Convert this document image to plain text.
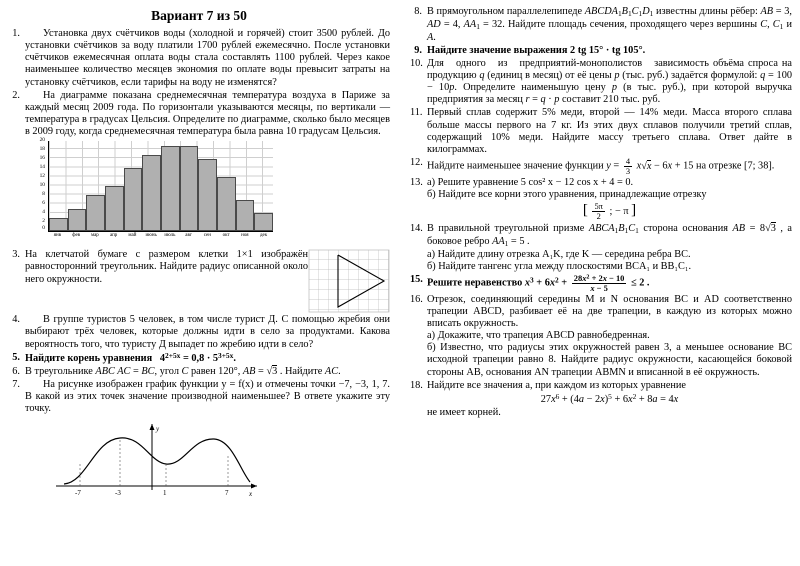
Вариант 7 из 50
1.	Установка двух счётчиков воды (холодной и горячей) стоит 3500 рублей. До установки счётчиков за воду платили 1700 рублей ежемесячно. После установки счётчиков ежемесячная оплата воды стала составлять 1100 рублей. Через какое наименьшее количество месяцев экономия по оплате воды превысит затраты на установку счётчиков, если тарифы на воду не изменятся?
2.	На диаграмме показана среднемесячная температура воздуха в Париже за каждый месяц 2009 года. По горизонтали указываются месяцы, по вертикали — температура в градусах Цельсия. Определите по диаграмме, сколько было месяцев в 2009 году, когда среднемесячная температура была равна 10 градусам Цельсия.
20
18
16
14
12
10
8
6
4
2
0
янв	фев	мар	апр	май	июнь	июль	авг	сен	окт	ноя	дек
3. На клетчатой бумаге с размером клетки 1×1 изображён равносторонний треугольник. Найдите радиус описанной около него окружности.
4.	В группе туристов 5 человек, в том числе турист Д. С помощью жребия они выбирают трёх человек, которые должны идти в село за продуктами. Какова вероятность того, что туристу Д выпадет по жребию идти в село?
5. Найдите корень уравнения   $4^{2+5x} = 0,8 \cdot 5^{3+5x}$.
6. В треугольнике ABC AC = BC, угол C равен 120°, AB = √3 . Найдите AC.
7.	На рисунке изображен график функции y = f(x) и отмечены точки −7, −3, 1, 7. В какой из этих точек значение производной наименьшее? В ответе укажите эту точку.
y
x
-7	-3	1	7
8. В прямоугольном параллелепипеде $ABCDA_1B_1C_1D_1$ известны длины рёбер: AB = 3, AD = 4, $AA_1 = 32$. Найдите площадь сечения, проходящего через вершины C, $C_1$ и A.
9. Найдите значение выражения 2 tg 15° · tg 105°.
10. Для   одного   из   предприятий-монополистов   зависимость объёма спроса на продукцию q (единиц в месяц) от её цены p (тыс. руб.) задаётся формулой: q = 100 − 10p. Определите наименьшую цену p (в тыс. руб.), при которой выручка предприятия за месяц r = q · p составит 210 тыс. руб.
11. Первый сплав содержит 5% меди, второй — 14% меди. Масса второго сплава больше массы первого на 7 кг. Из этих двух сплавов получили третий сплав, содержащий 10% меди. Найдите массу третьего сплава. Ответ дайте в килограммах.
12. Найдите наименьшее значение функции $y = \frac{4}{3} x√x - 6x + 15$ на отрезке [7; 38].
13. а) Решите уравнение 5 cos² x − 12 cos x + 4 = 0.
б) Найдите все корни этого уравнения, принадлежащие отрезку
[ $\frac{5\pi}{2}$ ; − π ]
14. В правильной треугольной призме $ABCA_1B_1C_1$ сторона основания AB = 8√3 , а боковое ребро $AA_1 = 5$ .
а) Найдите длину отрезка A₁K, где K — середина ребра BC.
б) Найдите тангенс угла между плоскостями BCA₁ и BB₁C₁.
15. Решите неравенство $x^3 + 6x^2 + \frac{28x^2 + 2x - 10}{x - 5} \le 2$ .
16. Отрезок, соединяющий середины M и N основания BC и AD соответственно трапеции ABCD, разбивает её на две трапеции, в каждую из которых можно вписать окружность.
а) Докажите, что трапеция ABCD равнобедренная.
б) Известно, что радиусы этих окружностей равен 3, а меньшее основание BC исходной трапеции равно 8. Найдите радиус окружности, касающейся боковой стороны AB, основания AN трапеции ABMN и вписанной в её окружность.
18. Найдите все значения a, при каждом из которых уравнение
$27x^6 + (4a - 2x)^5 + 6x^2 + 8a = 4x$
не имеет корней.
